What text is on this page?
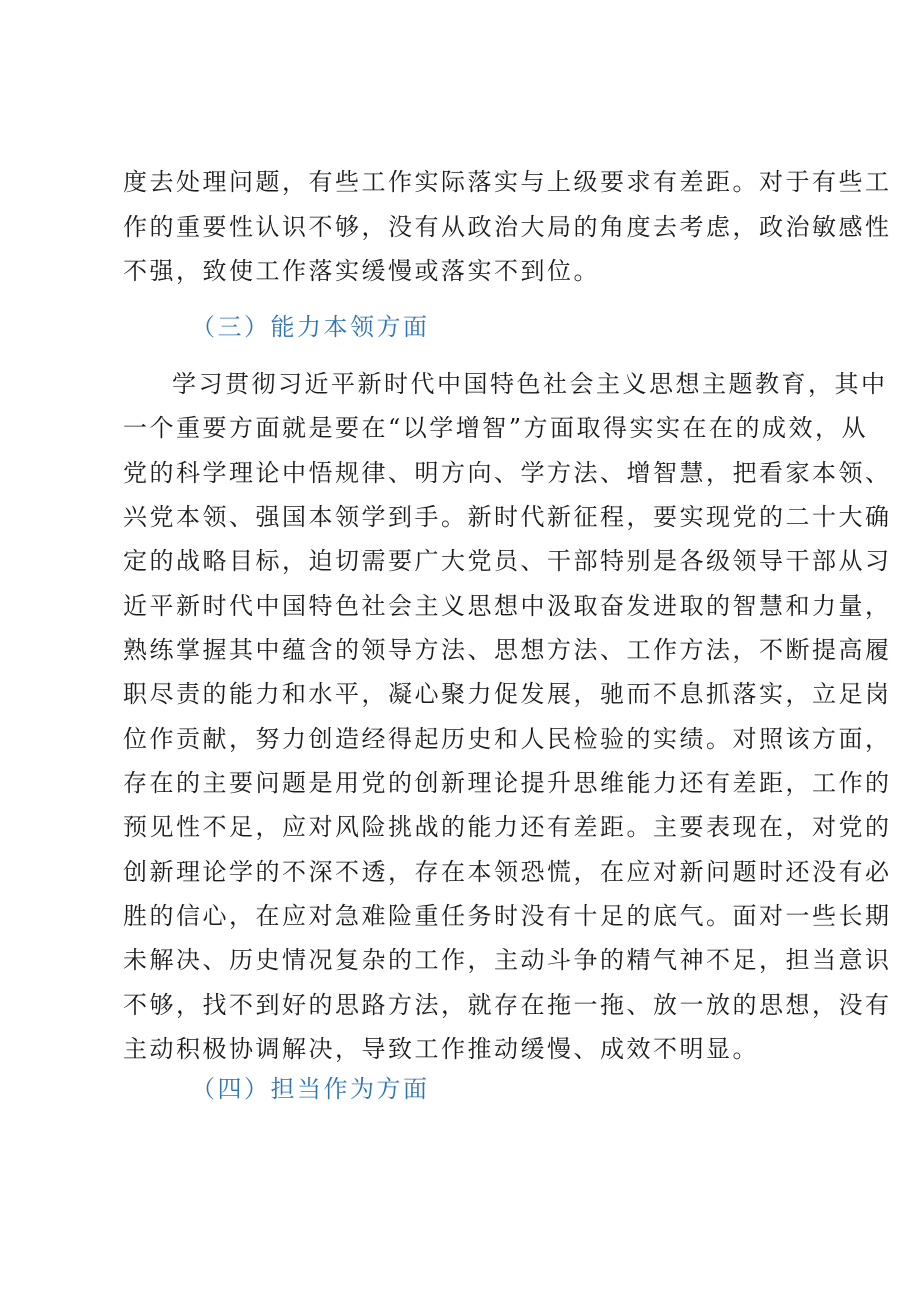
度去处理问题，有些工作实际落实与上级要求有差距。对于有些工
作的重要性认识不够，没有从政治大局的角度去考虑，政治敏感性
不强，致使工作落实缓慢或落实不到位。
（三）能力本领方面
学习贯彻习近平新时代中国特色社会主义思想主题教育，其中
一个重要方面就是要在“以学增智”方面取得实实在在的成效，从
党的科学理论中悟规律、明方向、学方法、增智慧，把看家本领、
兴党本领、强国本领学到手。新时代新征程，要实现党的二十大确
定的战略目标，迫切需要广大党员、干部特别是各级领导干部从习
近平新时代中国特色社会主义思想中汲取奋发进取的智慧和力量，
熟练掌握其中蕴含的领导方法、思想方法、工作方法，不断提高履
职尽责的能力和水平，凝心聚力促发展，驰而不息抓落实，立足岗
位作贡献，努力创造经得起历史和人民检验的实绩。对照该方面，
存在的主要问题是用党的创新理论提升思维能力还有差距，工作的
预见性不足，应对风险挑战的能力还有差距。主要表现在，对党的
创新理论学的不深不透，存在本领恐慌，在应对新问题时还没有必
胜的信心，在应对急难险重任务时没有十足的底气。面对一些长期
未解决、历史情况复杂的工作，主动斗争的精气神不足，担当意识
不够，找不到好的思路方法，就存在拖一拖、放一放的思想，没有
主动积极协调解决，导致工作推动缓慢、成效不明显。
（四）担当作为方面
